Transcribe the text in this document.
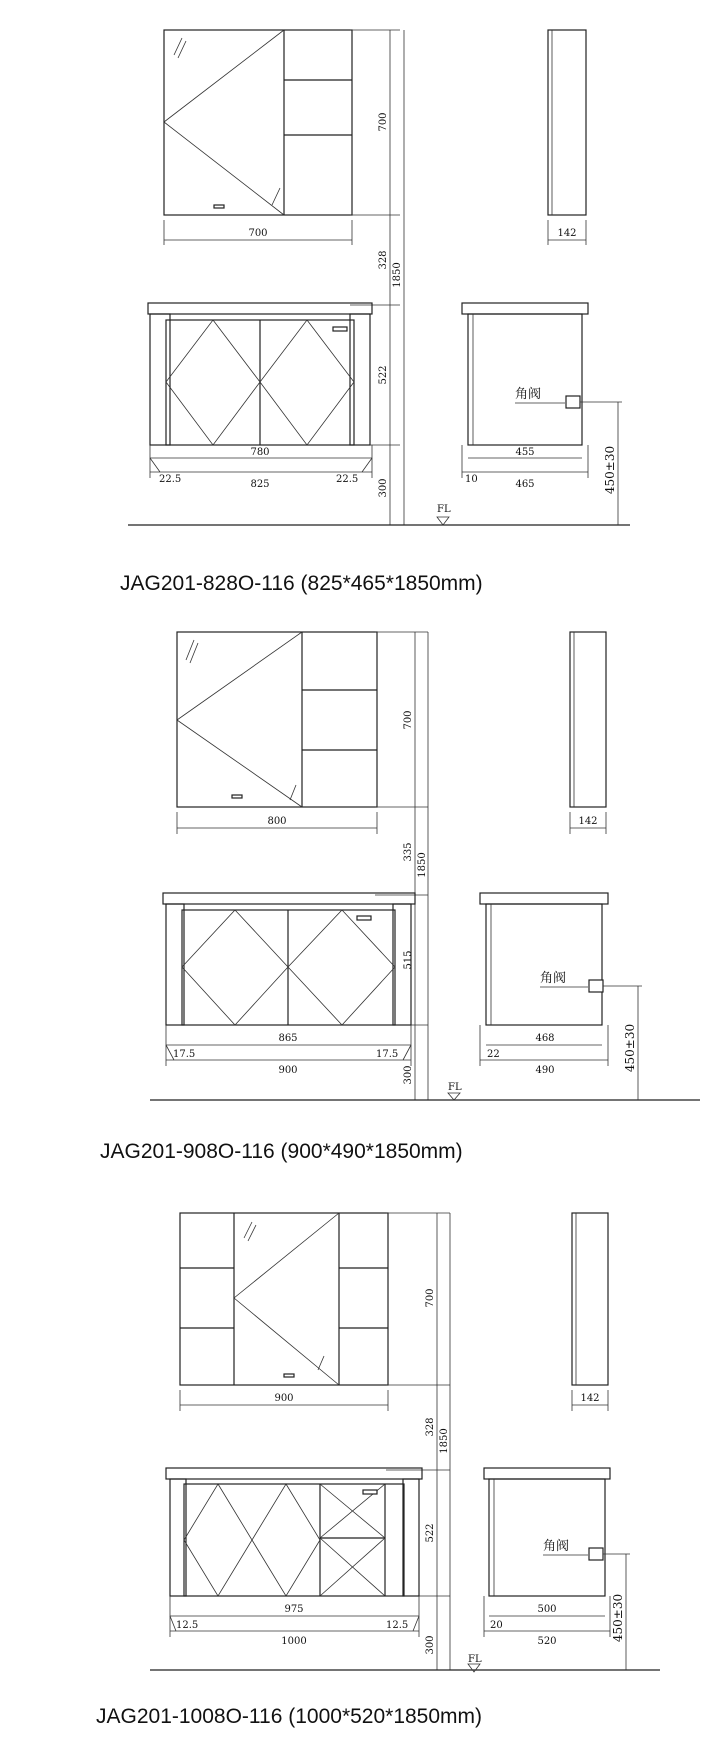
700
700
328
1850
522
300
780
825
22.5	22.5
FL
142
455
465
10
角阀
450±30
JAG201-828O-116 (825*465*1850mm)
800
700
335
1850
515
300
865
900
17.5	17.5
FL
142
468
490
22
角阀
450±30
JAG201-908O-116 (900*490*1850mm)
900
700
328
1850
522
300
975
1000
12.5	12.5
FL
142
500
520
20
角阀
450±30
JAG201-1008O-116 (1000*520*1850mm)
